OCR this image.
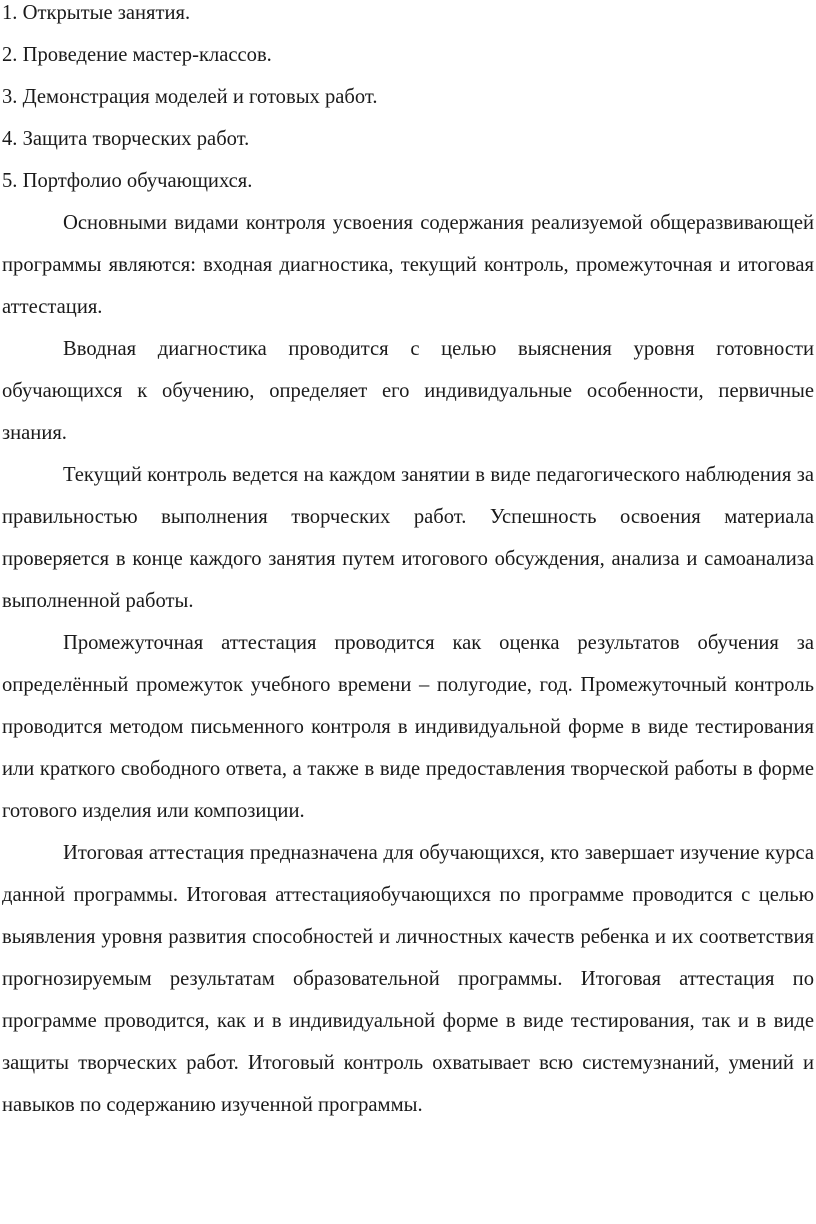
1. Открытые занятия.

2. Проведение мастер-классов.

3. Демонстрация моделей и готовых работ.

4. Защита творческих работ.

5. Портфолио обучающихся.

Основными видами контроля усвоения содержания реализуемой общеразвивающей программы являются: входная диагностика, текущий контроль, промежуточная и итоговая аттестация.

Вводная диагностика проводится с целью выяснения уровня готовности обучающихся к обучению, определяет его индивидуальные особенности, первичные знания.

Текущий контроль ведется на каждом занятии в виде педагогического наблюдения за правильностью выполнения творческих работ. Успешность освоения материала проверяется в конце каждого занятия путем итогового обсуждения, анализа и самоанализа выполненной работы.

Промежуточная аттестация проводится как оценка результатов обучения за определённый промежуток учебного времени – полугодие, год. Промежуточный контроль проводится методом письменного контроля в индивидуальной форме в виде тестирования или краткого свободного ответа, а также в виде предоставления творческой работы в форме готового изделия или композиции.

Итоговая аттестация предназначена для обучающихся, кто завершает изучение курса данной программы. Итоговая аттестацияобучающихся по программе проводится с целью выявления уровня развития способностей и личностных качеств ребенка и их соответствия прогнозируемым результатам образовательной программы. Итоговая аттестация по программе проводится, как и в индивидуальной форме в виде тестирования, так и в виде защиты творческих работ. Итоговый контроль охватывает всю системузнаний, умений и навыков по содержанию изученной программы.
